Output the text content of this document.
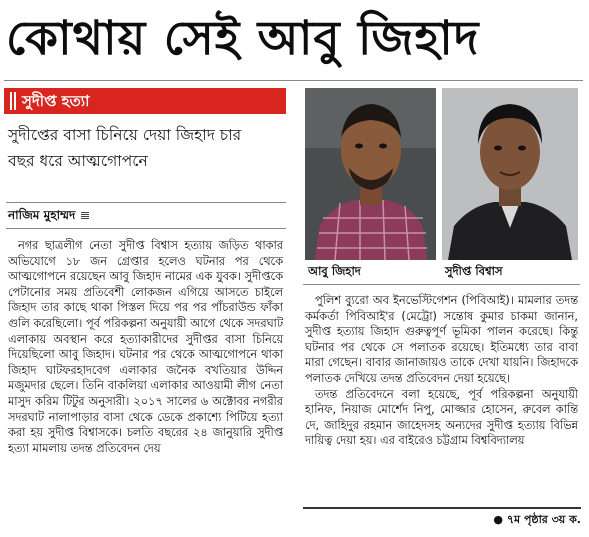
কোথায় সেই আবু জিহাদ
সুদীপ্ত হত্যা
সুদীপ্তের বাসা চিনিয়ে দেয়া জিহাদ চার বছর ধরে আত্মগোপনে
নাজিম মুহাম্মদ

নগর ছাত্রলীগ নেতা সুদীপ্ত বিশ্বাস হত্যায় জড়িত থাকার অভিযোগে ১৮ জন গ্রেপ্তার হলেও ঘটনার পর থেকে আত্মগোপনে রয়েছেন আবু জিহাদ নামের এক যুবক। সুদীপ্তকে পেটানোর সময় প্রতিবেশী লোকজন এগিয়ে আসতে চাইলে জিহাদ তার কাছে থাকা পিস্তল দিয়ে পর পর পাঁচরাউন্ড ফাঁকা গুলি করেছিলো। পূর্ব পরিকল্পনা অনুযায়ী আগে থেকে সদরঘাট এলাকায় অবস্থান করে হত্যাকারীদের সুদীপ্তর বাসা চিনিয়ে দিয়েছিলো আবু জিহাদ। ঘটনার পর থেকে আত্মগোপনে থাকা জিহাদ ঘাটফরহাদবেগ এলাকার জনৈক বখতিয়ার উদ্দিন মজুমদার ছেলে। তিনি বাকলিয়া এলাকার আওয়ামী লীগ নেতা মাসুদ করিম টিটুর অনুসারী। ২০১৭ সালের ৬ অক্টোবর নগরীর সদরঘাট নালাপাড়ার বাসা থেকে ডেকে প্রকাশ্যে পিটিয়ে হত্যা করা হয় সুদীপ্ত বিশ্বাসকে। চলতি বছরের ২৪ জানুয়ারি সুদীপ্ত হত্যা মামলায় তদন্ত প্রতিবেদন দেয়

আবু জিহাদ	সুদীপ্ত বিশ্বাস

পুলিশ ব্যুরো অব ইনভেস্টিগেশন (পিবিআই)। মামলার তদন্ত কর্মকর্তা পিবিআই'র (মেট্রো) সন্তোষ কুমার চাকমা জানান, সুদীপ্ত হত্যায় জিহাদ গুরুত্বপূর্ণ ভূমিকা পালন করেছে। কিন্তু ঘটনার পর থেকে সে পলাতক রয়েছে। ইতিমধ্যে তার বাবা মারা গেছেন। বাবার জানাজায়ও তাকে দেখা যায়নি। জিহাদকে পলাতক দেখিয়ে তদন্ত প্রতিবেদন দেয়া হয়েছে।

তদন্ত প্রতিবেদনে বলা হয়েছে, পূর্ব পরিকল্পনা অনুযায়ী হানিফ, নিয়াজ মোর্শেদ নিপু, মোজ্জার হোসেন, রুবেল কান্তি দে, জাহিদুর রহমান জাহেদসহ অন্যদের সুদীপ্ত হত্যায় বিভিন্ন দায়িত্ব দেয়া হয়। এর বাইরেও চট্টগ্রাম বিশ্ববিদ্যালয়

● ৭ম পৃষ্ঠার ৩য় ক.
